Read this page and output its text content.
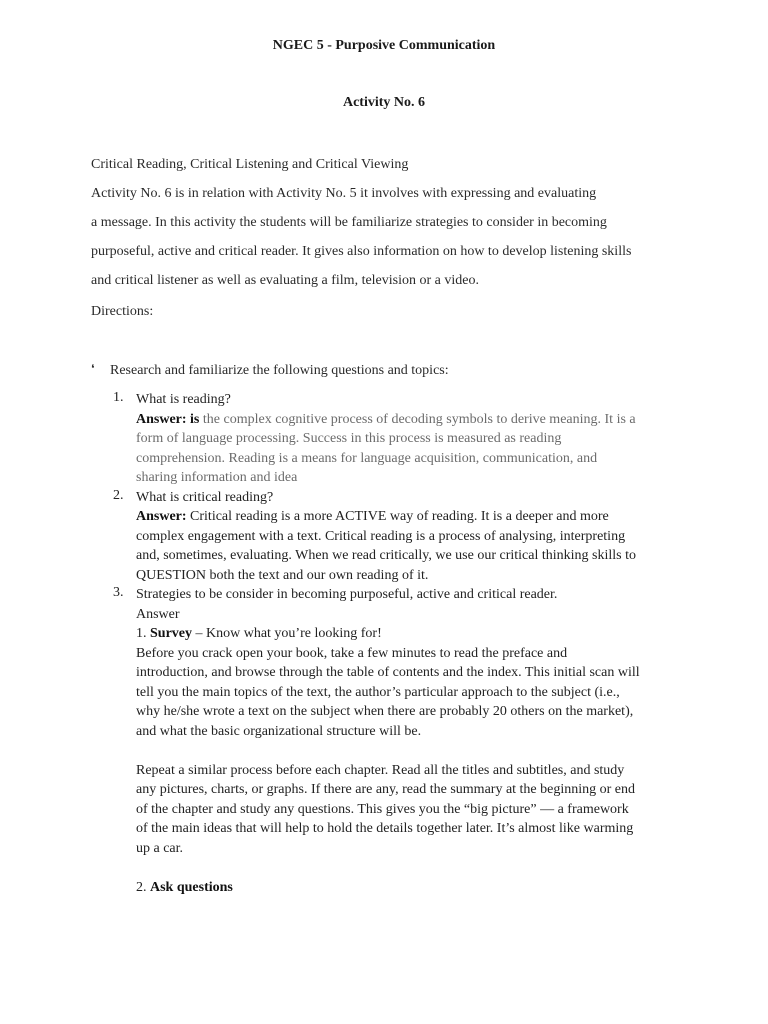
NGEC 5 - Purposive Communication
Activity No. 6
Critical Reading, Critical Listening and Critical Viewing
Activity No. 6 is in relation with Activity No. 5 it involves with expressing and evaluating
a message. In this activity the students will be familiarize strategies to consider in becoming
purposeful, active and critical reader. It gives also information on how to develop listening skills
and critical listener as well as evaluating a film, television or a video.
Directions:
❛ Research and familiarize the following questions and topics:
1. What is reading?
Answer: is the complex cognitive process of decoding symbols to derive meaning. It is a
form of language processing. Success in this process is measured as reading
comprehension. Reading is a means for language acquisition, communication, and
sharing information and idea
2. What is critical reading?
Answer: Critical reading is a more ACTIVE way of reading. It is a deeper and more
complex engagement with a text. Critical reading is a process of analysing, interpreting
and, sometimes, evaluating. When we read critically, we use our critical thinking skills to
QUESTION both the text and our own reading of it.
3. Strategies to be consider in becoming purposeful, active and critical reader.
Answer
1. Survey – Know what you’re looking for!
Before you crack open your book, take a few minutes to read the preface and
introduction, and browse through the table of contents and the index. This initial scan will
tell you the main topics of the text, the author’s particular approach to the subject (i.e.,
why he/she wrote a text on the subject when there are probably 20 others on the market),
and what the basic organizational structure will be.
Repeat a similar process before each chapter. Read all the titles and subtitles, and study
any pictures, charts, or graphs. If there are any, read the summary at the beginning or end
of the chapter and study any questions. This gives you the “big picture” — a framework
of the main ideas that will help to hold the details together later. It’s almost like warming
up a car.
2. Ask questions
